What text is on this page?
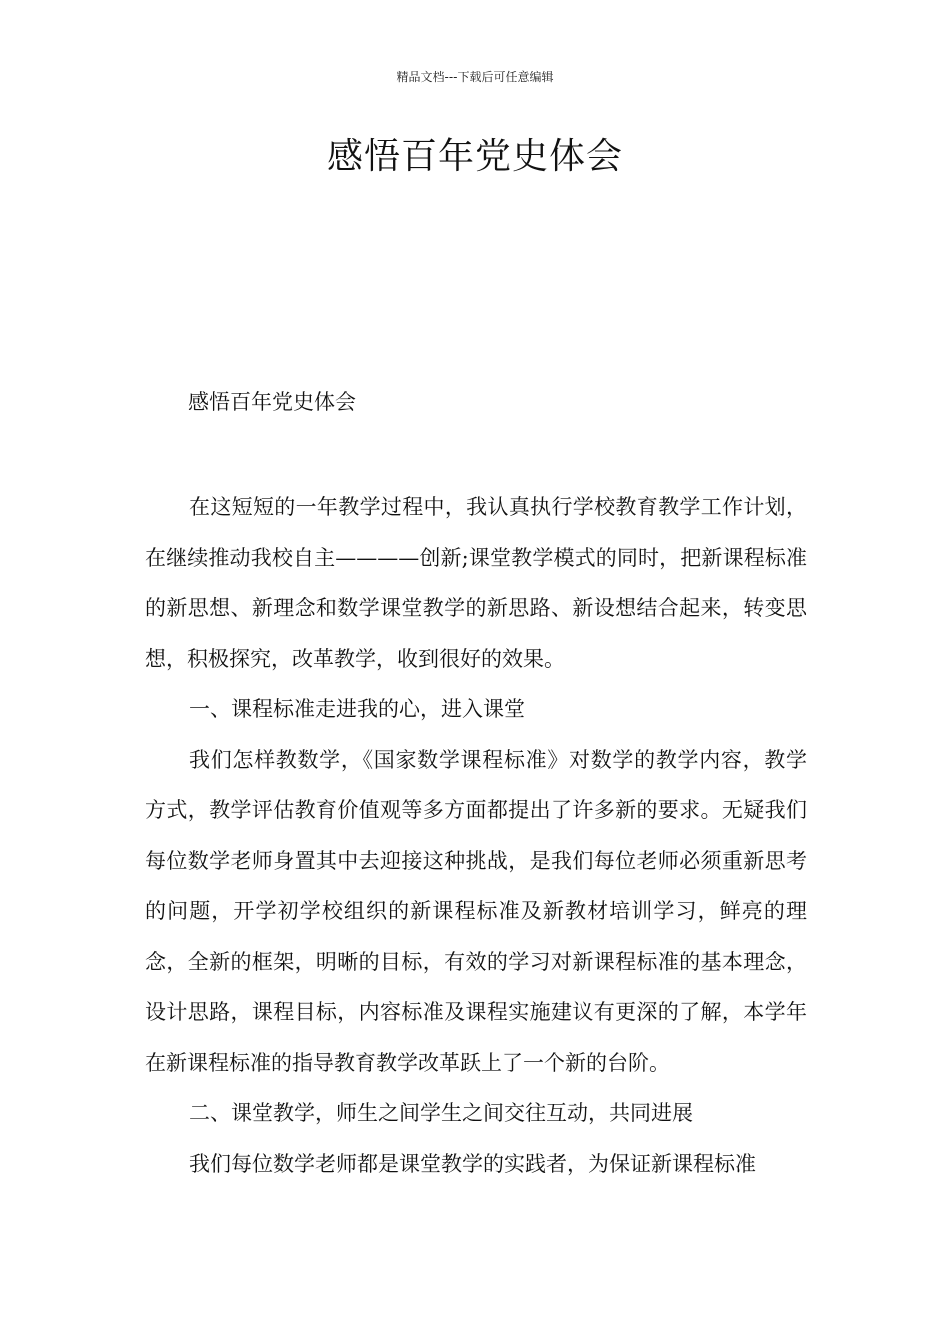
精品文档---下载后可任意编辑
感悟百年党史体会
感悟百年党史体会

在这短短的一年教学过程中，我认真执行学校教育教学工作计划，在继续推动我校自主————创新;课堂教学模式的同时，把新课程标准的新思想、新理念和数学课堂教学的新思路、新设想结合起来，转变思想，积极探究，改革教学，收到很好的效果。

一、课程标准走进我的心，进入课堂

我们怎样教数学，《国家数学课程标准》对数学的教学内容，教学方式，教学评估教育价值观等多方面都提出了许多新的要求。无疑我们每位数学老师身置其中去迎接这种挑战，是我们每位老师必须重新思考的问题，开学初学校组织的新课程标准及新教材培训学习，鲜亮的理念，全新的框架，明晰的目标，有效的学习对新课程标准的基本理念，设计思路，课程目标，内容标准及课程实施建议有更深的了解，本学年在新课程标准的指导教育教学改革跃上了一个新的台阶。

二、课堂教学，师生之间学生之间交往互动，共同进展

我们每位数学老师都是课堂教学的实践者，为保证新课程标准
